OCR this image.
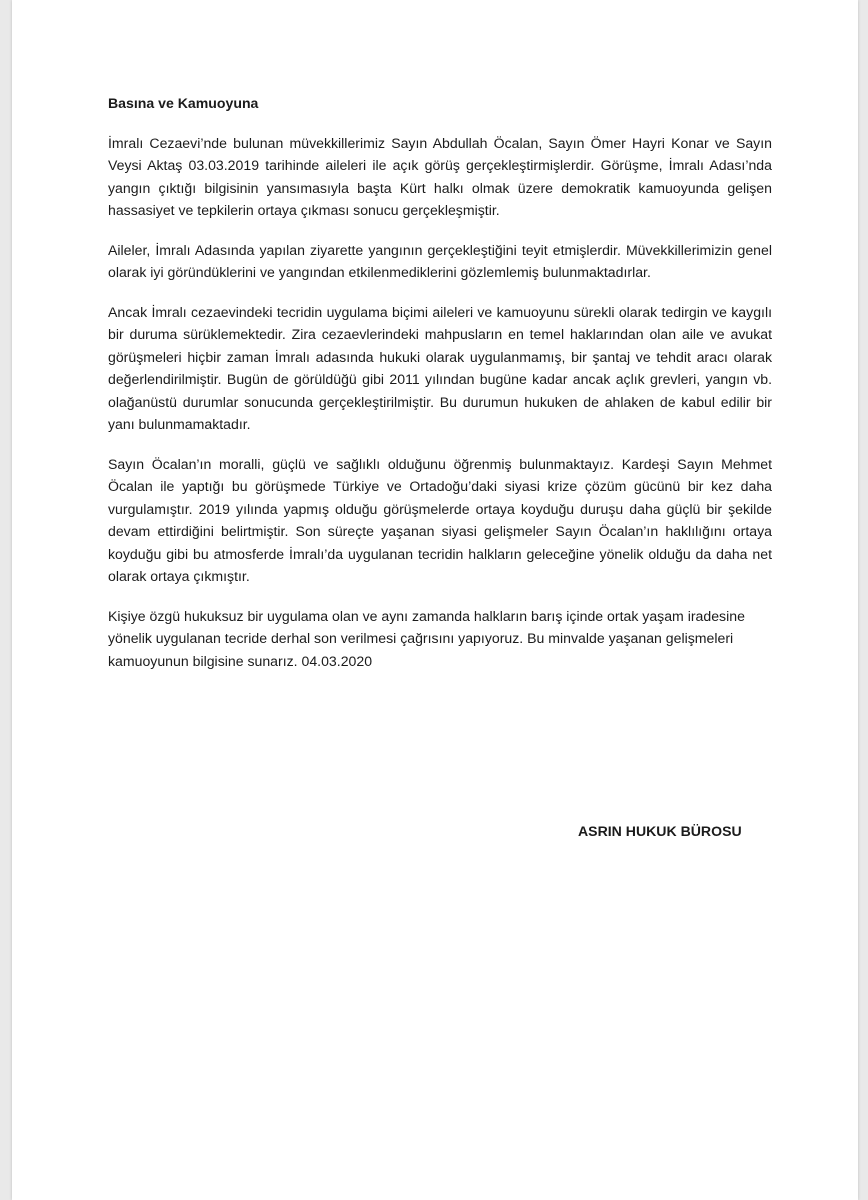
Basına ve Kamuoyuna

İmralı Cezaevi’nde bulunan müvekkillerimiz Sayın Abdullah Öcalan, Sayın Ömer Hayri Konar ve Sayın Veysi Aktaş 03.03.2019 tarihinde aileleri ile açık görüş gerçekleştirmişlerdir. Görüşme, İmralı Adası’nda yangın çıktığı bilgisinin yansımasıyla başta Kürt halkı olmak üzere demokratik kamuoyunda gelişen hassasiyet ve tepkilerin ortaya çıkması sonucu gerçekleşmiştir.

Aileler, İmralı Adasında yapılan ziyarette yangının gerçekleştiğini teyit etmişlerdir. Müvekkillerimizin genel olarak iyi göründüklerini ve yangından etkilenmediklerini gözlemlemiş bulunmaktadırlar.

Ancak İmralı cezaevindeki tecridin uygulama biçimi aileleri ve kamuoyunu sürekli olarak tedirgin ve kaygılı bir duruma sürüklemektedir. Zira cezaevlerindeki mahpusların en temel haklarından olan aile ve avukat görüşmeleri hiçbir zaman İmralı adasında hukuki olarak uygulanmamış, bir şantaj ve tehdit aracı olarak değerlendirilmiştir. Bugün de görüldüğü gibi 2011 yılından bugüne kadar ancak açlık grevleri, yangın vb. olağanüstü durumlar sonucunda gerçekleştirilmiştir. Bu durumun hukuken de ahlaken de kabul edilir bir yanı bulunmamaktadır.

Sayın Öcalan’ın moralli, güçlü ve sağlıklı olduğunu öğrenmiş bulunmaktayız. Kardeşi Sayın Mehmet Öcalan ile yaptığı bu görüşmede Türkiye ve Ortadoğu’daki siyasi krize çözüm gücünü bir kez daha vurgulamıştır. 2019 yılında yapmış olduğu görüşmelerde ortaya koyduğu duruşu daha güçlü bir şekilde devam ettirdiğini belirtmiştir. Son süreçte yaşanan siyasi gelişmeler Sayın Öcalan’ın haklılığını ortaya koyduğu gibi bu atmosferde İmralı’da uygulanan tecridin halkların geleceğine yönelik olduğu da daha net olarak ortaya çıkmıştır.

Kişiye özgü hukuksuz bir uygulama olan ve aynı zamanda halkların barış içinde ortak yaşam iradesine yönelik uygulanan tecride derhal son verilmesi çağrısını yapıyoruz. Bu minvalde yaşanan gelişmeleri kamuoyunun bilgisine sunarız. 04.03.2020

ASRIN HUKUK BÜROSU
